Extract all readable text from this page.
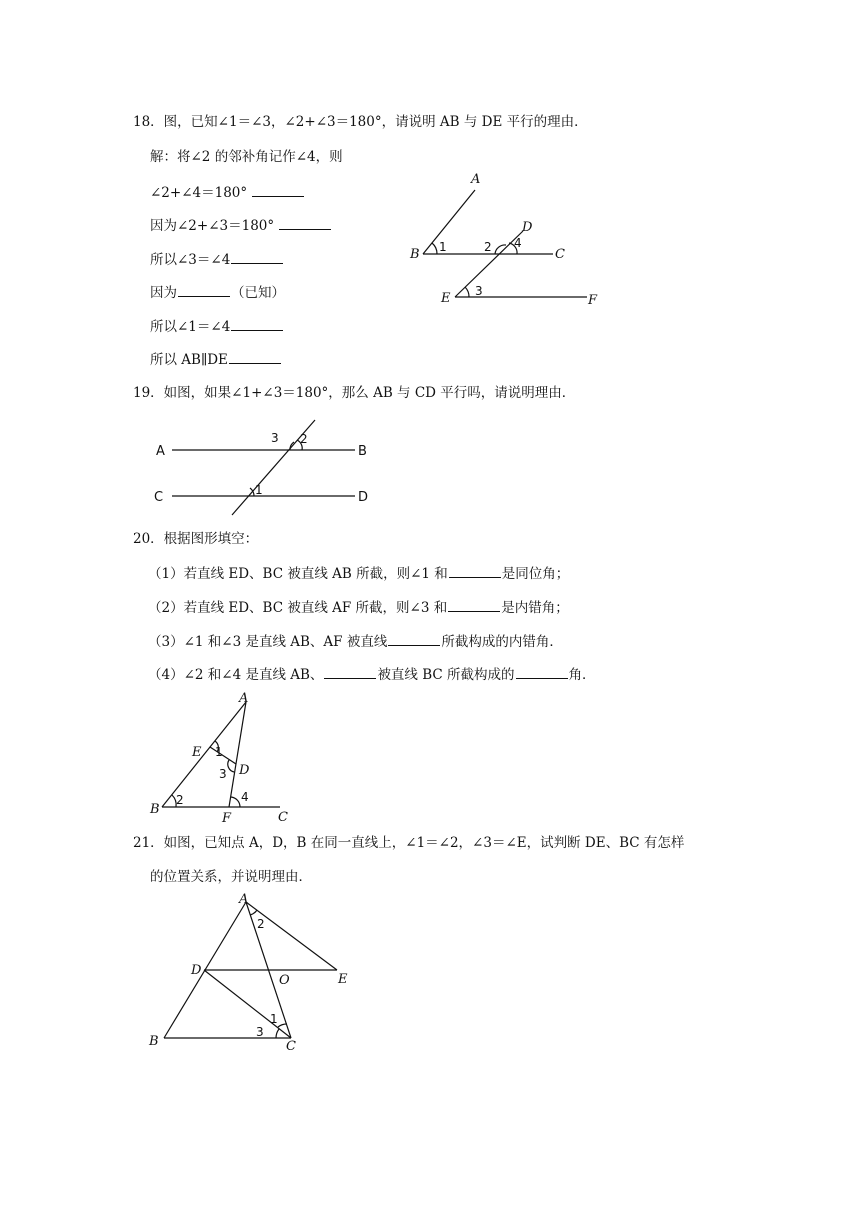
18．图，已知∠1＝∠3，∠2+∠3＝180°，请说明 AB 与 DE 平行的理由．
解：将∠2 的邻补角记作∠4，则
∠2+∠4＝180°
因为∠2+∠3＝180°
所以∠3＝∠4
因为	（已知）
所以∠1＝∠4
所以 AB∥DE
A
B	C
D
E	F
1	2
3
4
19．如图，如果∠1+∠3＝180°，那么 AB 与 CD 平行吗，请说明理由．
A	B
C	D
3 2
1
20．根据图形填空：
（1）若直线 ED、BC 被直线 AB 所截，则∠1 和	是同位角；
（2）若直线 ED、BC 被直线 AF 所截，则∠3 和	是内错角；
（3）∠1 和∠3 是直线 AB、AF 被直线	所截构成的内错角．
（4）∠2 和∠4 是直线 AB、	被直线 BC 所截构成的	角．
A
B
C
D
E
F
1
2
3
4
21．如图，已知点 A，D，B 在同一直线上，∠1＝∠2，∠3＝∠E，试判断 DE、BC 有怎样
的位置关系，并说明理由．
A
B	C
D
E
O
2
1
3
